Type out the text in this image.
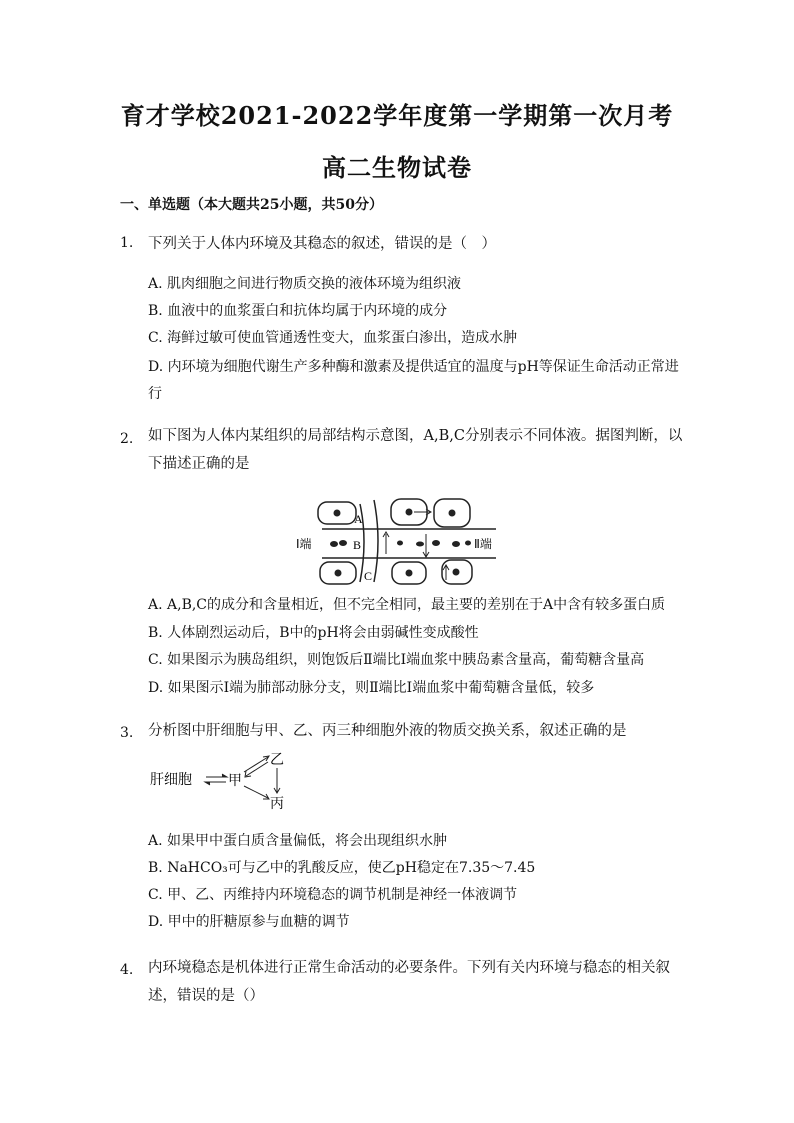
育才学校2021-2022学年度第一学期第一次月考
高二生物试卷
一、单选题（本大题共25小题，共50分）
1. 下列关于人体内环境及其稳态的叙述，错误的是（　）
A. 肌肉细胞之间进行物质交换的液体环境为组织液
B. 血液中的血浆蛋白和抗体均属于内环境的成分
C. 海鲜过敏可使血管通透性变大，血浆蛋白渗出，造成水肿
D. 内环境为细胞代谢生产多种酶和激素及提供适宜的温度与pH等保证生命活动正常进行
2. 如下图为人体内某组织的局部结构示意图，A,B,C分别表示不同体液。据图判断，以下描述正确的是
A
B
C
Ⅰ端	Ⅱ端
A. A,B,C的成分和含量相近，但不完全相同，最主要的差别在于A中含有较多蛋白质
B. 人体剧烈运动后，B中的pH将会由弱碱性变成酸性
C. 如果图示为胰岛组织，则饱饭后Ⅱ端比Ⅰ端血浆中胰岛素含量高，葡萄糖含量高
D. 如果图示Ⅰ端为肺部动脉分支，则Ⅱ端比Ⅰ端血浆中葡萄糖含量低，较多
3. 分析图中肝细胞与甲、乙、丙三种细胞外液的物质交换关系，叙述正确的是
肝细胞	甲
乙
丙
A. 如果甲中蛋白质含量偏低，将会出现组织水肿
B. NaHCO₃可与乙中的乳酸反应，使乙pH稳定在7.35～7.45
C. 甲、乙、丙维持内环境稳态的调节机制是神经一体液调节
D. 甲中的肝糖原参与血糖的调节
4. 内环境稳态是机体进行正常生命活动的必要条件。下列有关内环境与稳态的相关叙述，错误的是（）
